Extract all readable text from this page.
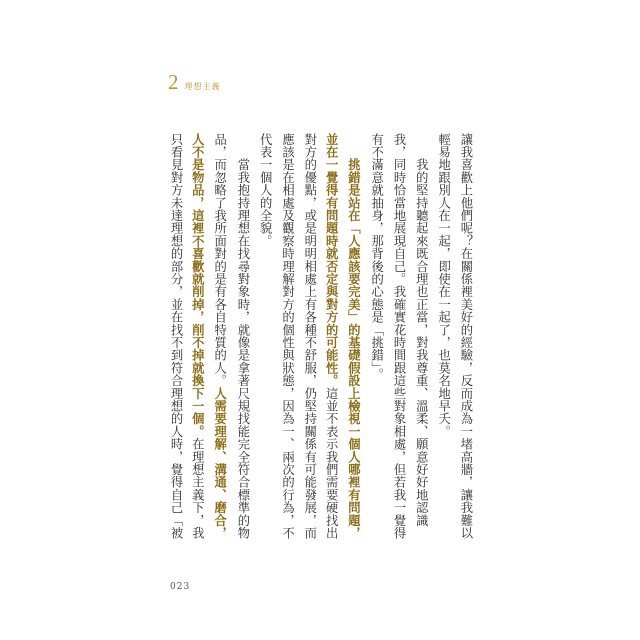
2 理想主義
讓我喜歡上他們呢？在關係裡美好的經驗，反而成為一堵高牆，讓我難以
輕易地跟別人在一起，即使在一起了，也莫名地早夭。
　　我的堅持聽起來既合理也正當，對我尊重、溫柔、願意好好地認識
我，同時恰當地展現自己。我確實花時間跟這些對象相處，但若我一覺得
有不滿意就抽身，那背後的心態是「挑錯」。
　　挑錯是站在「人應該要完美」的基礎假設上檢視一個人哪裡有問題，
並在一覺得有問題時就否定與對方的可能性。這並不表示我們需要硬找出
對方的優點，或是明明相處上有各種不舒服，仍堅持關係有可能發展，而
應該是在相處及觀察時理解對方的個性與狀態，因為一、兩次的行為，不
代表一個人的全貌。
　　當我抱持理想在找尋對象時，就像是拿著尺規找能完全符合標準的物
品，而忽略了我所面對的是有各自特質的人。人需要理解、溝通、磨合，
人不是物品，這裡不喜歡就削掉，削不掉就換下一個。在理想主義下，我
只看見對方未達理想的部分，並在找不到符合理想的人時，覺得自己「被
023
